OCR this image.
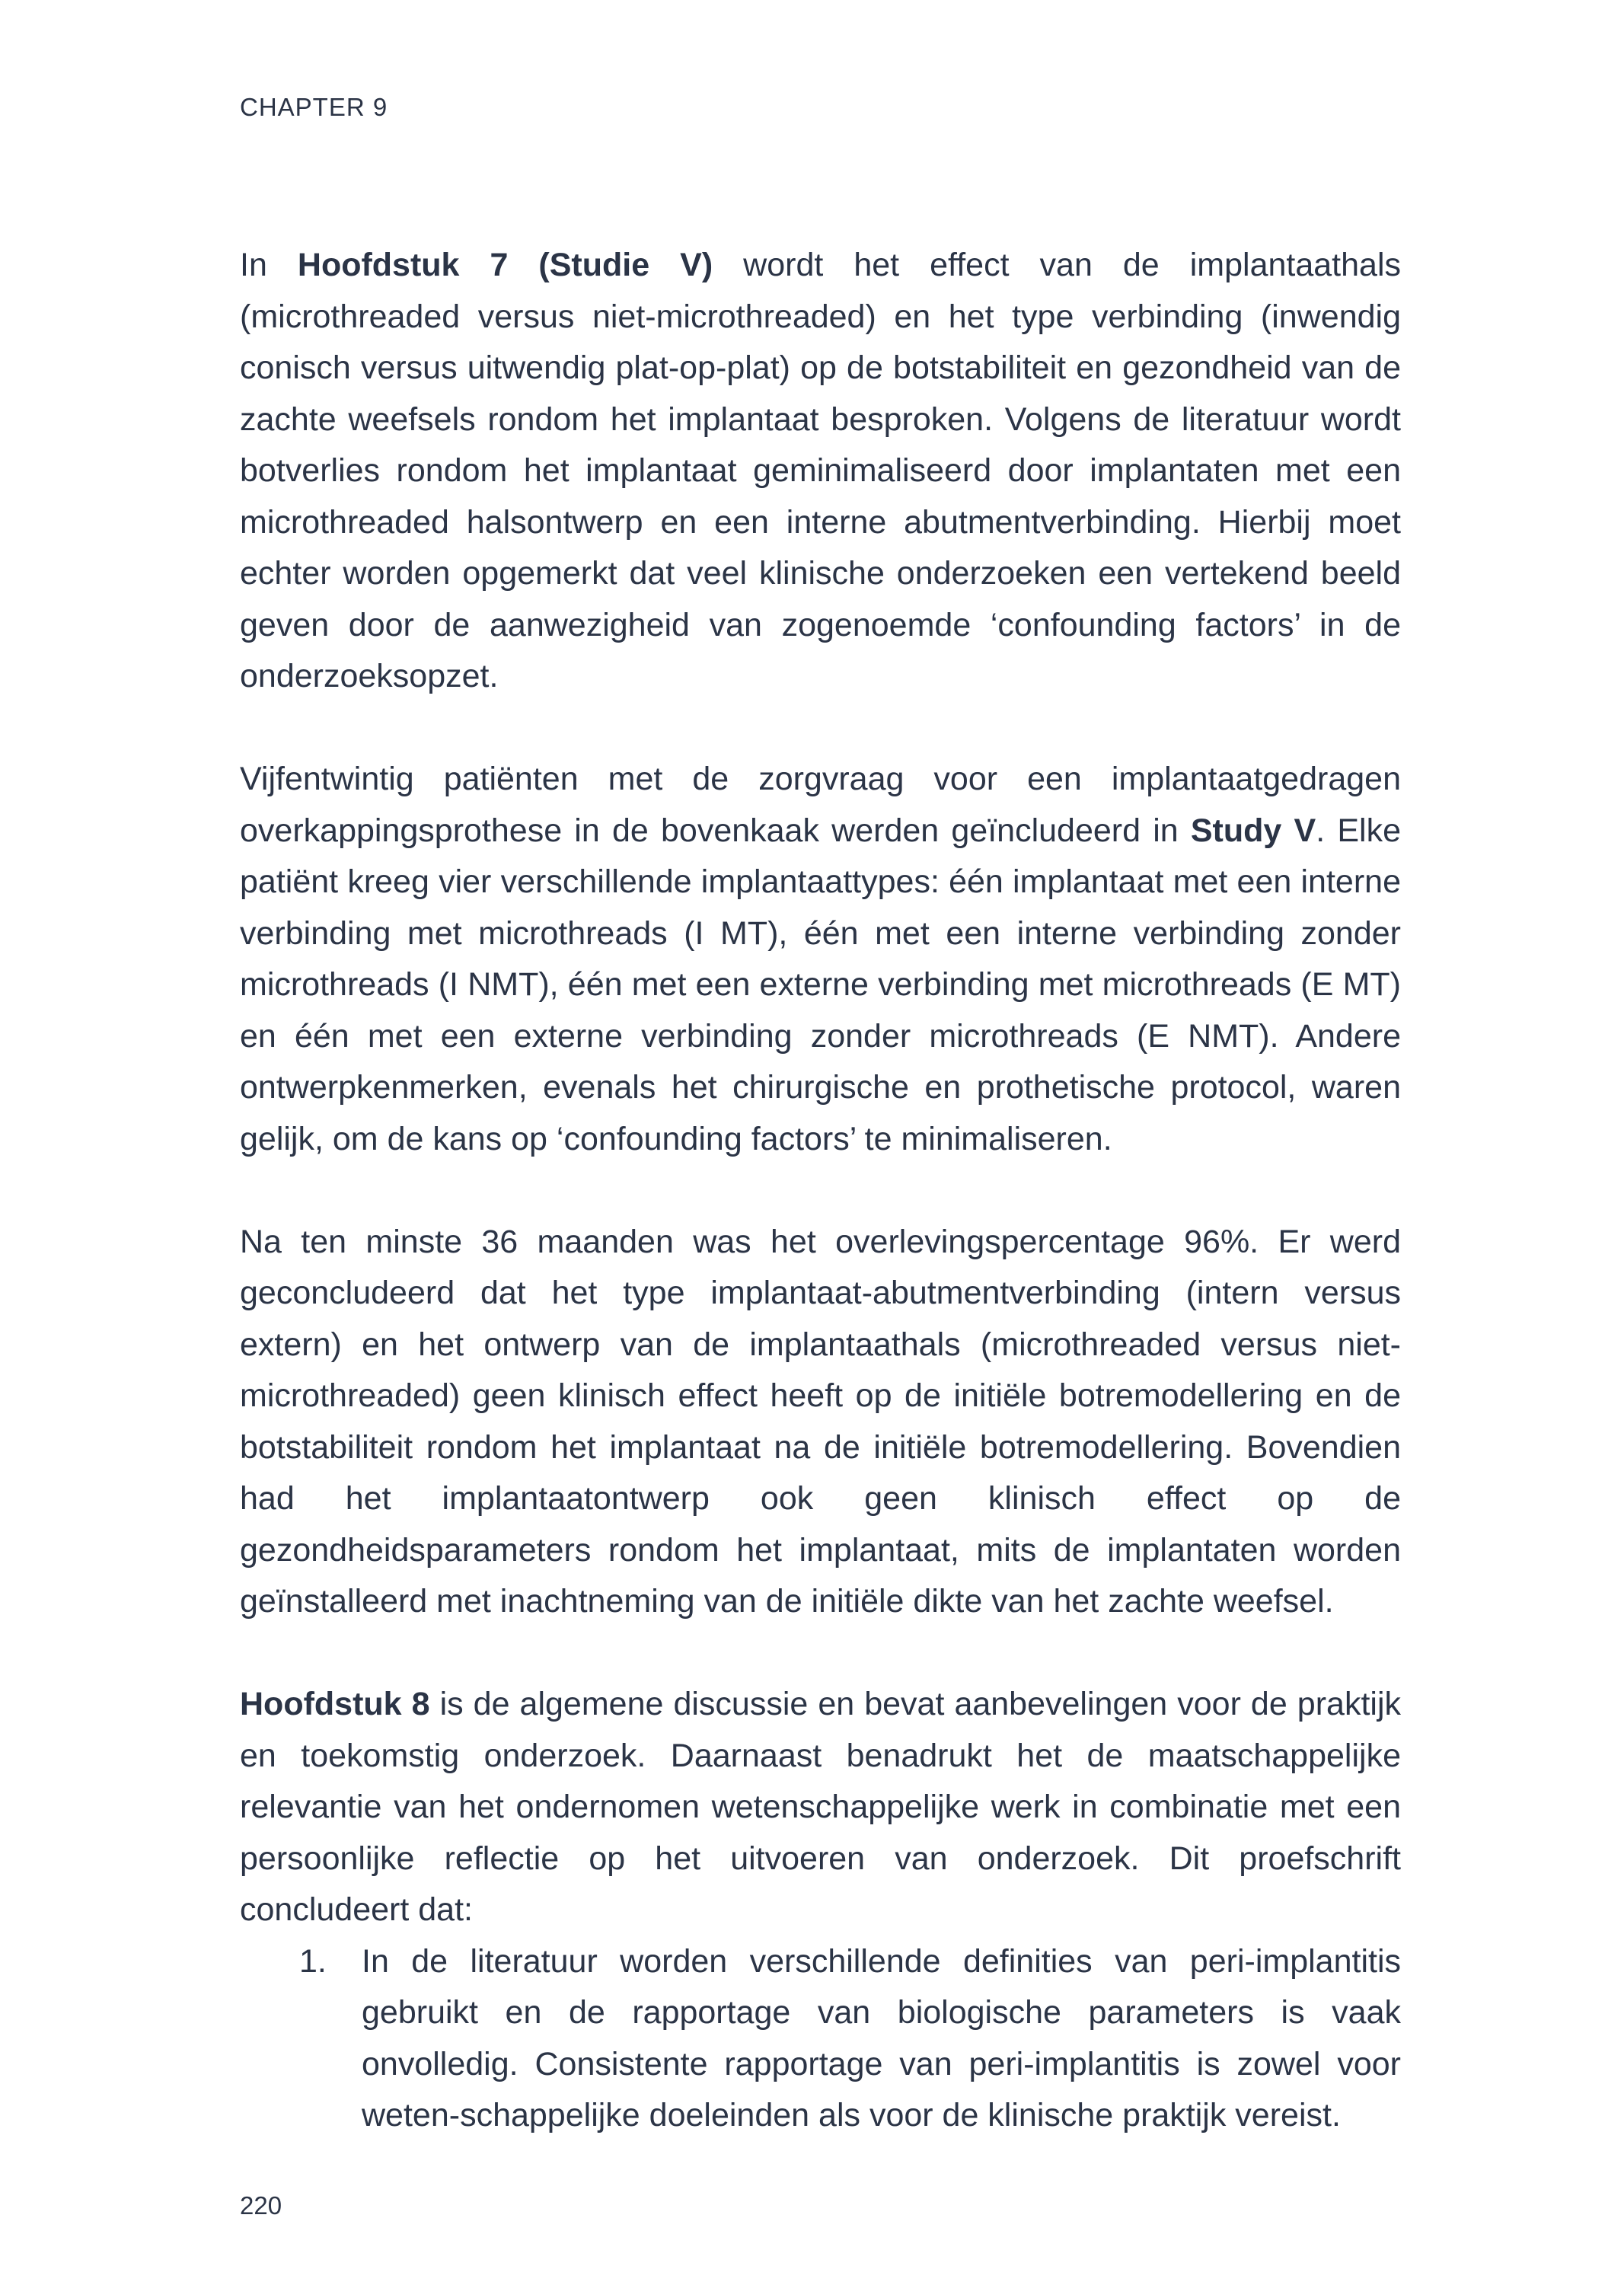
CHAPTER 9

In Hoofdstuk 7 (Studie V) wordt het effect van de implantaathals (microthreaded versus niet-microthreaded) en het type verbinding (inwendig conisch versus uitwendig plat-op-plat) op de botstabiliteit en gezondheid van de zachte weefsels rondom het implantaat besproken. Volgens de literatuur wordt botverlies rondom het implantaat geminimaliseerd door implantaten met een microthreaded halsontwerp en een interne abutmentverbinding. Hierbij moet echter worden opgemerkt dat veel klinische onderzoeken een vertekend beeld geven door de aanwezigheid van zogenoemde ‘confounding factors’ in de onderzoeksopzet.

Vijfentwintig patiënten met de zorgvraag voor een implantaatgedragen overkappingsprothese in de bovenkaak werden geïncludeerd in Study V. Elke patiënt kreeg vier verschillende implantaattypes: één implantaat met een interne verbinding met microthreads (I MT), één met een interne verbinding zonder microthreads (I NMT), één met een externe verbinding met microthreads (E MT) en één met een externe verbinding zonder microthreads (E NMT). Andere ontwerpkenmerken, evenals het chirurgische en prothetische protocol, waren gelijk, om de kans op ‘confounding factors’ te minimaliseren.

Na ten minste 36 maanden was het overlevingspercentage 96%. Er werd geconcludeerd dat het type implantaat-abutmentverbinding (intern versus extern) en het ontwerp van de implantaathals (microthreaded versus niet-microthreaded) geen klinisch effect heeft op de initiële botremodellering en de botstabiliteit rondom het implantaat na de initiële botremodellering. Bovendien had het implantaatontwerp ook geen klinisch effect op de gezondheidsparameters rondom het implantaat, mits de implantaten worden geïnstalleerd met inachtneming van de initiële dikte van het zachte weefsel.

Hoofdstuk 8 is de algemene discussie en bevat aanbevelingen voor de praktijk en toekomstig onderzoek. Daarnaast benadrukt het de maatschappelijke relevantie van het ondernomen wetenschappelijke werk in combinatie met een persoonlijke reflectie op het uitvoeren van onderzoek. Dit proefschrift concludeert dat:

1. In de literatuur worden verschillende definities van peri-implantitis gebruikt en de rapportage van biologische parameters is vaak onvolledig. Consistente rapportage van peri-implantitis is zowel voor weten-schappelijke doeleinden als voor de klinische praktijk vereist.
220
